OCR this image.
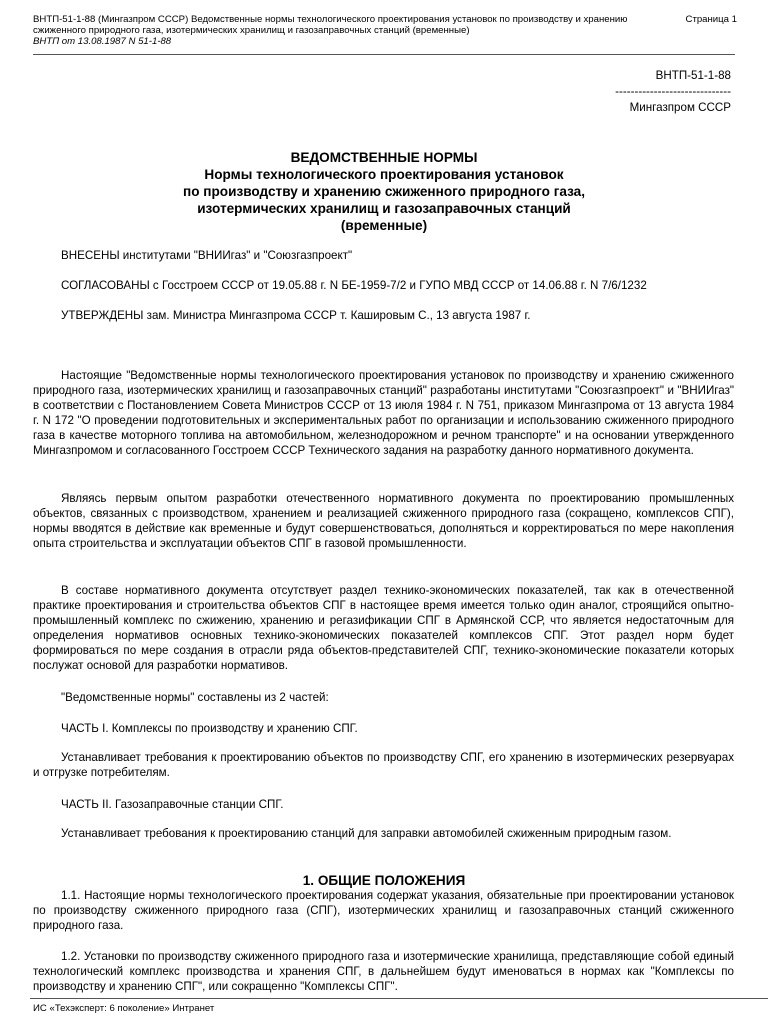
ВНТП-51-1-88 (Мингазпром СССР) Ведомственные нормы технологического проектирования установок по производству и хранению сжиженного природного газа, изотермических хранилищ и газозаправочных станций (временные)
ВНТП от 13.08.1987 N 51-1-88
Страница 1
ВНТП-51-1-88
------------------------------
Мингазпром СССР
ВЕДОМСТВЕННЫЕ НОРМЫ
Нормы технологического проектирования установок
по производству и хранению сжиженного природного газа,
изотермических хранилищ и газозаправочных станций
(временные)
ВНЕСЕНЫ институтами "ВНИИгаз" и "Союзгазпроект"
СОГЛАСОВАНЫ с Госстроем СССР от 19.05.88 г. N БЕ-1959-7/2 и ГУПО МВД СССР от 14.06.88 г. N 7/6/1232
УТВЕРЖДЕНЫ зам. Министра Мингазпрома СССР т. Кашировым С., 13 августа 1987 г.
Настоящие "Ведомственные нормы технологического проектирования установок по производству и хранению сжиженного природного газа, изотермических хранилищ и газозаправочных станций" разработаны институтами "Союзгазпроект" и "ВНИИгаз" в соответствии с Постановлением Совета Министров СССР от 13 июля 1984 г. N 751, приказом Мингазпрома от 13 августа 1984 г. N 172 "О проведении подготовительных и экспериментальных работ по организации и использованию сжиженного природного газа в качестве моторного топлива на автомобильном, железнодорожном и речном транспорте" и на основании утвержденного Мингазпромом и согласованного Госстроем СССР Технического задания на разработку данного нормативного документа.
Являясь первым опытом разработки отечественного нормативного документа по проектированию промышленных объектов, связанных с производством, хранением и реализацией сжиженного природного газа (сокращено, комплексов СПГ), нормы вводятся в действие как временные и будут совершенствоваться, дополняться и корректироваться по мере накопления опыта строительства и эксплуатации объектов СПГ в газовой промышленности.
В составе нормативного документа отсутствует раздел технико-экономических показателей, так как в отечественной практике проектирования и строительства объектов СПГ в настоящее время имеется только один аналог, строящийся опытно-промышленный комплекс по сжижению, хранению и регазификации СПГ в Армянской ССР, что является недостаточным для определения нормативов основных технико-экономических показателей комплексов СПГ. Этот раздел норм будет формироваться по мере создания в отрасли ряда объектов-представителей СПГ, технико-экономические показатели которых послужат основой для разработки нормативов.
"Ведомственные нормы" составлены из 2 частей:
ЧАСТЬ I. Комплексы по производству и хранению СПГ.
Устанавливает требования к проектированию объектов по производству СПГ, его хранению в изотермических резервуарах и отгрузке потребителям.
ЧАСТЬ II. Газозаправочные станции СПГ.
Устанавливает требования к проектированию станций для заправки автомобилей сжиженным природным газом.
1. ОБЩИЕ ПОЛОЖЕНИЯ
1.1. Настоящие нормы технологического проектирования содержат указания, обязательные при проектировании установок по производству сжиженного природного газа (СПГ), изотермических хранилищ и газозаправочных станций сжиженного природного газа.
1.2. Установки по производству сжиженного природного газа и изотермические хранилища, представляющие собой единый технологический комплекс производства и хранения СПГ, в дальнейшем будут именоваться в нормах как "Комплексы по производству и хранению СПГ", или сокращенно "Комплексы СПГ".
ИС «Техэксперт: 6 поколение» Интранет
